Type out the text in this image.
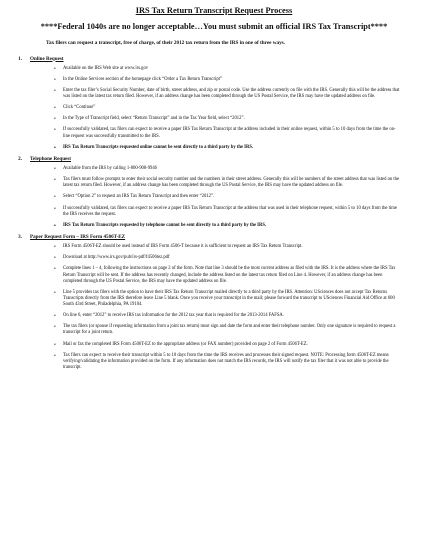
IRS Tax Return Transcript Request Process
****Federal 1040s are no longer acceptable…You must submit an official IRS Tax Transcript****
Tax filers can request a transcript, free of charge, of their 2012 tax return from the IRS in one of three ways.
1.	Online Request
• Available on the IRS Web site at www.irs.gov
• In the Online Services section of the homepage click “Order a Tax Return Transcript”
• Enter the tax filer’s Social Security Number, date of birth, street address, and zip or postal code. Use the address currently on file with the IRS. Generally this will be the address that was listed on the latest tax return filed. However, if an address change has been completed through the US Postal Service, the IRS may have the updated address on file.
• Click “Continue”
• In the Type of Transcript field, select “Return Transcript” and in the Tax Year field, select “2012”.
• If successfully validated, tax filers can expect to receive a paper IRS Tax Return Transcript at the address included in their online request, within 5 to 10 days from the time the on-line request was successfully transmitted to the IRS.
• IRS Tax Return Transcripts requested online cannot be sent directly to a third party by the IRS.
2.	Telephone Request
• Available from the IRS by calling 1-800-908-9946
• Tax filers must follow prompts to enter their social security number and the numbers in their street address. Generally this will be numbers of the street address that was listed on the latest tax return filed. However, if an address change has been completed through the US Postal Service, the IRS may have the updated address on file.
• Select “Option 2” to request an IRS Tax Return Transcript and then enter “2012”.
• If successfully validated, tax filers can expect to receive a paper IRS Tax Return Transcript at the address that was used in their telephone request, within 5 to 10 days from the time the IRS receives the request.
• IRS Tax Return Transcripts requested by telephone cannot be sent directly to a third party by the IRS.
3.	Paper Request Form – IRS Form 4506T-EZ
• IRS Form 4506T-EZ should be used instead of IRS Form 4506-T because it is sufficient to request an IRS Tax Return Transcript.
• Download at http://www.irs.gov/pub/irs-pdf/f4506tez.pdf
• Complete lines 1 – 4, following the instructions on page 2 of the form. Note that line 3 should be the most current address as filed with the IRS. It is the address where the IRS Tax Return Transcript will be sent. If the address has recently changed, include the address listed on the latest tax return filed on Line 4. However, if an address change has been completed through the US Postal Service, the IRS may have the updated address on file.
• Line 5 provides tax filers with the option to have their IRS Tax Return Transcript mailed directly to a third party by the IRS. Attention: USciences does not accept Tax Returns Transcripts directly from the IRS therefore leave Line 5 blank. Once you receive your transcript in the mail; please forward the transcript to USciences Financial Aid Office at 600 South 43rd Street, Philadelphia, PA 19104.
• On line 6, enter “2012” to receive IRS tax information for the 2012 tax year that is required for the 2013-2014 FAFSA.
• The tax filers (or spouse if requesting information from a joint tax return) must sign and date the form and enter their telephone number. Only one signature is required to request a transcript for a joint return.
• Mail or fax the completed IRS Form 4506T-EZ to the appropriate address (or FAX number) provided on page 2 of Form 4506T-EZ.
• Tax filers can expect to receive their transcript within 5 to 10 days from the time the IRS receives and processes their signed request. NOTE: Processing form 4506T-EZ means verifying/validating the information provided on the form. If any information does not match the IRS records, the IRS will notify the tax filer that it was not able to provide the transcript.
